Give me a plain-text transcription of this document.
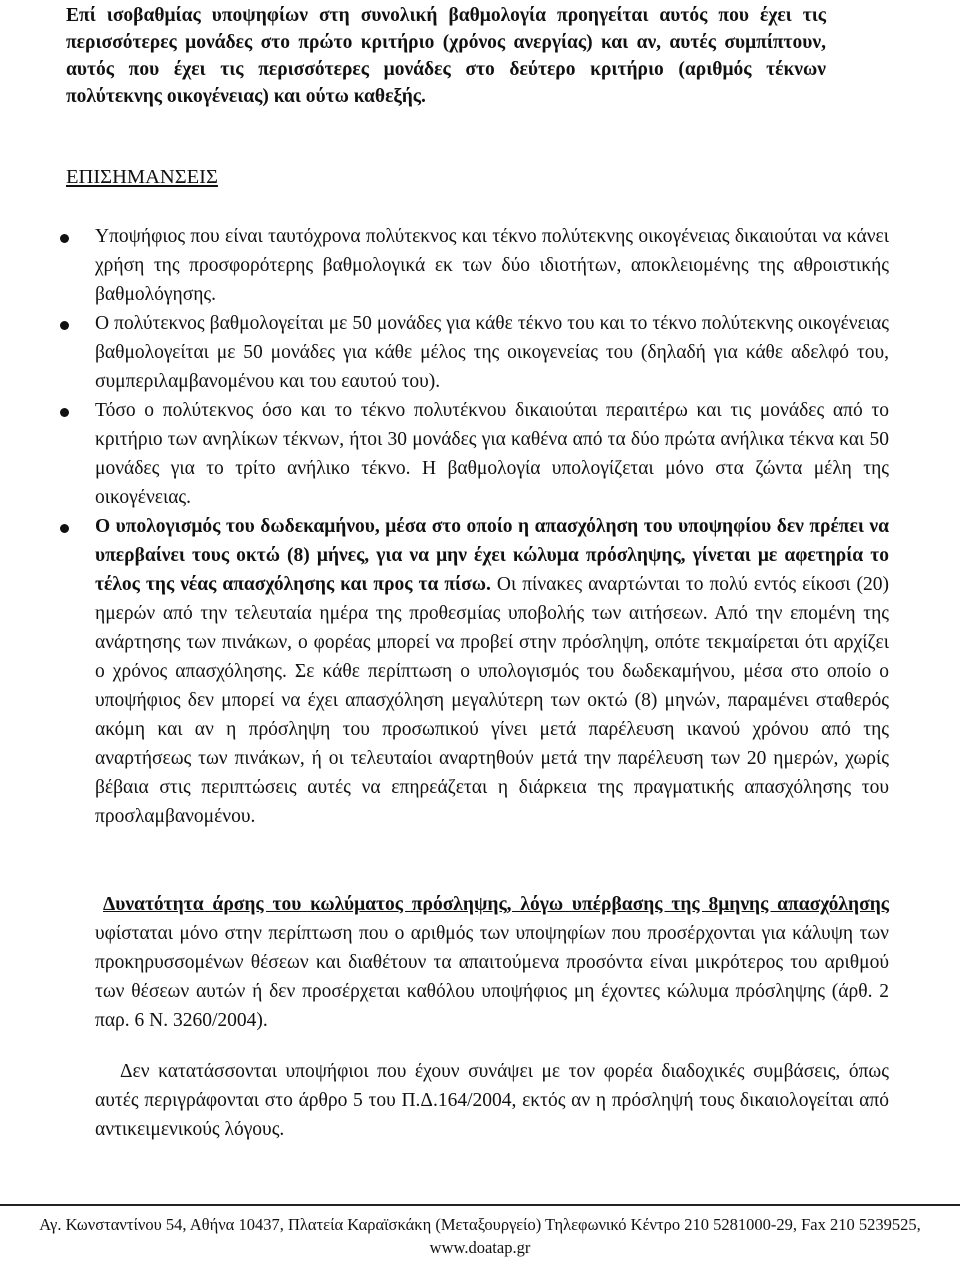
Επί ισοβαθμίας υποψηφίων στη συνολική βαθμολογία προηγείται αυτός που έχει τις περισσότερες μονάδες στο πρώτο κριτήριο (χρόνος ανεργίας) και αν, αυτές συμπίπτουν, αυτός που έχει τις περισσότερες μονάδες στο δεύτερο κριτήριο (αριθμός τέκνων πολύτεκνης οικογένειας) και ούτω καθεξής.

ΕΠΙΣΗΜΑΝΣΕΙΣ

Υποψήφιος που είναι ταυτόχρονα πολύτεκνος και τέκνο πολύτεκνης οικογένειας δικαιούται να κάνει χρήση της προσφορότερης βαθμολογικά εκ των δύο ιδιοτήτων, αποκλειομένης της αθροιστικής βαθμολόγησης.
Ο πολύτεκνος βαθμολογείται με 50 μονάδες για κάθε τέκνο του και το τέκνο πολύτεκνης οικογένειας βαθμολογείται με 50 μονάδες για κάθε μέλος της οικογενείας του (δηλαδή για κάθε αδελφό του, συμπεριλαμβανομένου και του εαυτού του).
Τόσο ο πολύτεκνος όσο και το τέκνο πολυτέκνου δικαιούται περαιτέρω και τις μονάδες από το κριτήριο των ανηλίκων τέκνων, ήτοι 30 μονάδες για καθένα από τα δύο πρώτα ανήλικα τέκνα και 50 μονάδες για το τρίτο ανήλικο τέκνο. Η βαθμολογία υπολογίζεται μόνο στα ζώντα μέλη της οικογένειας.
Ο υπολογισμός του δωδεκαμήνου, μέσα στο οποίο η απασχόληση του υποψηφίου δεν πρέπει να υπερβαίνει τους οκτώ (8) μήνες, για να μην έχει κώλυμα πρόσληψης, γίνεται με αφετηρία το τέλος της νέας απασχόλησης και προς τα πίσω. Οι πίνακες αναρτώνται το πολύ εντός είκοσι (20) ημερών από την τελευταία ημέρα της προθεσμίας υποβολής των αιτήσεων. Από την επομένη της ανάρτησης των πινάκων, ο φορέας μπορεί να προβεί στην πρόσληψη, οπότε τεκμαίρεται ότι αρχίζει ο χρόνος απασχόλησης. Σε κάθε περίπτωση ο υπολογισμός του δωδεκαμήνου, μέσα στο οποίο ο υποψήφιος δεν μπορεί να έχει απασχόληση μεγαλύτερη των οκτώ (8) μηνών, παραμένει σταθερός ακόμη και αν η πρόσληψη του προσωπικού γίνει μετά παρέλευση ικανού χρόνου από της αναρτήσεως των πινάκων, ή οι τελευταίοι αναρτηθούν μετά την παρέλευση των 20 ημερών, χωρίς βέβαια στις περιπτώσεις αυτές να επηρεάζεται η διάρκεια της πραγματικής απασχόλησης του προσλαμβανομένου.

Δυνατότητα άρσης του κωλύματος πρόσληψης, λόγω υπέρβασης της 8μηνης απασχόλησης υφίσταται μόνο στην περίπτωση που ο αριθμός των υποψηφίων που προσέρχονται για κάλυψη των προκηρυσσομένων θέσεων και διαθέτουν τα απαιτούμενα προσόντα είναι μικρότερος του αριθμού των θέσεων αυτών ή δεν προσέρχεται καθόλου υποψήφιος μη έχοντες κώλυμα πρόσληψης (άρθ. 2 παρ. 6 Ν. 3260/2004).

Δεν κατατάσσονται υποψήφιοι που έχουν συνάψει με τον φορέα διαδοχικές συμβάσεις, όπως αυτές περιγράφονται στο άρθρο 5 του Π.Δ.164/2004, εκτός αν η πρόσληψή τους δικαιολογείται από αντικειμενικούς λόγους.

Αγ. Κωνσταντίνου 54, Αθήνα 10437, Πλατεία Καραϊσκάκη (Μεταξουργείο) Τηλεφωνικό Κέντρο 210 5281000-29, Fax 210 5239525, www.doatap.gr
